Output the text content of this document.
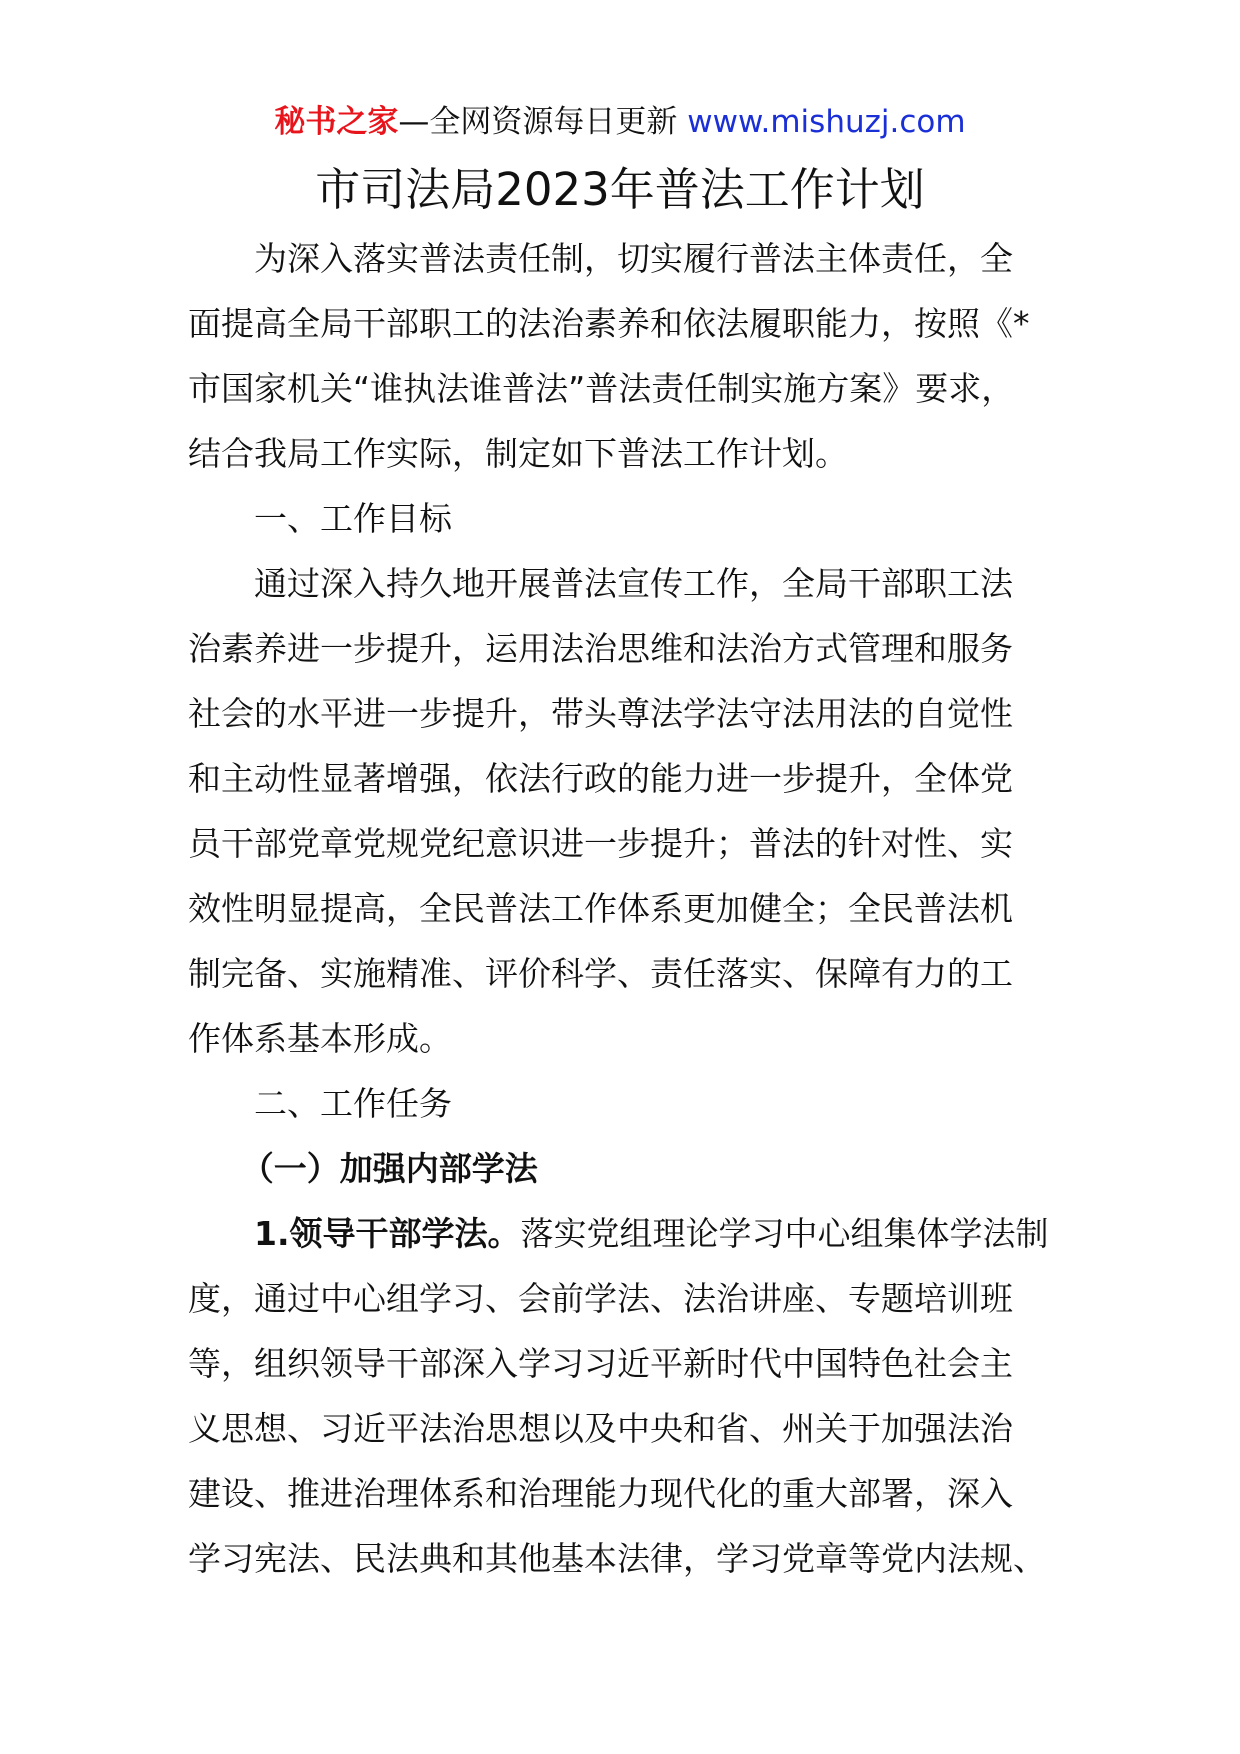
秘书之家—全网资源每日更新 www.mishuzj.com
市司法局2023年普法工作计划

为深入落实普法责任制，切实履行普法主体责任，全

面提高全局干部职工的法治素养和依法履职能力，按照《*

市国家机关“谁执法谁普法”普法责任制实施方案》要求，

结合我局工作实际，制定如下普法工作计划。

一、工作目标

通过深入持久地开展普法宣传工作，全局干部职工法

治素养进一步提升，运用法治思维和法治方式管理和服务

社会的水平进一步提升，带头尊法学法守法用法的自觉性

和主动性显著增强，依法行政的能力进一步提升，全体党

员干部党章党规党纪意识进一步提升；普法的针对性、实

效性明显提高，全民普法工作体系更加健全；全民普法机

制完备、实施精准、评价科学、责任落实、保障有力的工

作体系基本形成。

二、工作任务

（一）加强内部学法

1.领导干部学法。落实党组理论学习中心组集体学法制

度，通过中心组学习、会前学法、法治讲座、专题培训班

等，组织领导干部深入学习习近平新时代中国特色社会主

义思想、习近平法治思想以及中央和省、州关于加强法治

建设、推进治理体系和治理能力现代化的重大部署，深入

学习宪法、民法典和其他基本法律，学习党章等党内法规、
